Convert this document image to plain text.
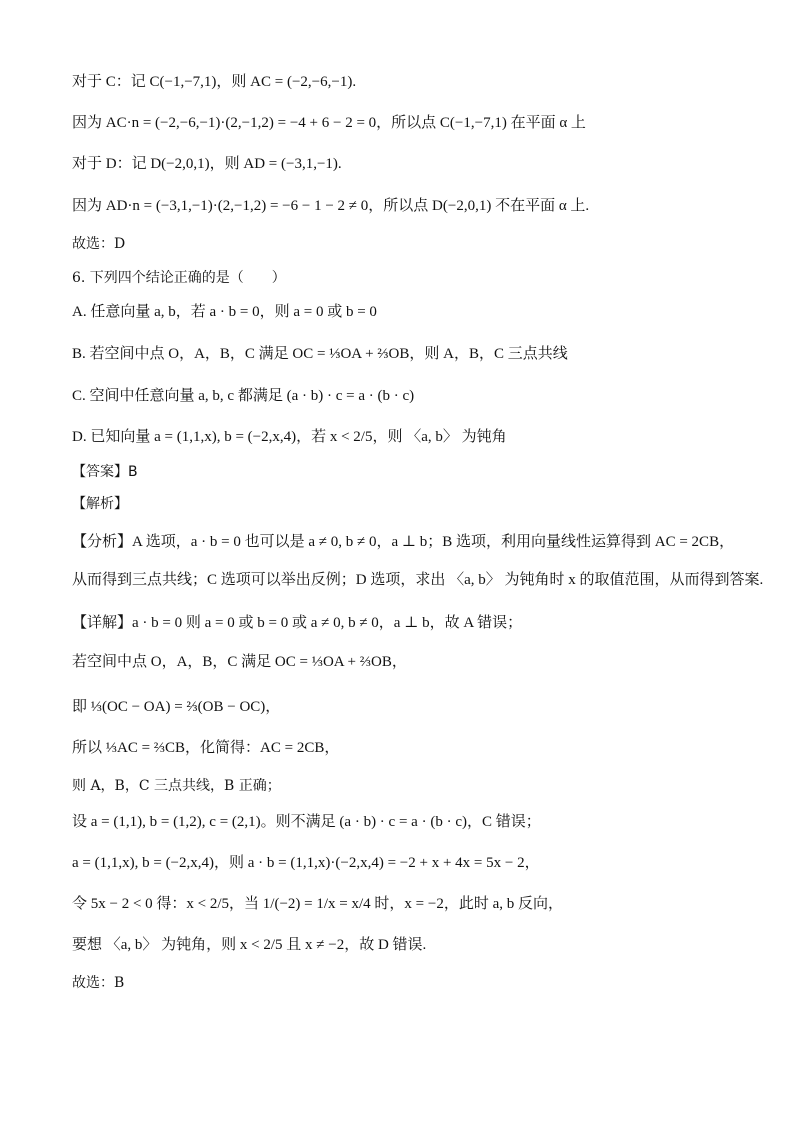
对于 C：记 C(−1,−7,1)，则 AC = (−2,−6,−1).
因为 AC·n = (−2,−6,−1)·(2,−1,2) = −4 + 6 − 2 = 0，所以点 C(−1,−7,1) 在平面 α 上
对于 D：记 D(−2,0,1)，则 AD = (−3,1,−1).
因为 AD·n = (−3,1,−1)·(2,−1,2) = −6 − 1 − 2 ≠ 0，所以点 D(−2,0,1) 不在平面 α 上.
故选：D
6. 下列四个结论正确的是（　　）
A. 任意向量 a, b，若 a · b = 0，则 a = 0 或 b = 0
B. 若空间中点 O，A，B，C 满足 OC = ⅓OA + ⅔OB，则 A，B，C 三点共线
C. 空间中任意向量 a, b, c 都满足 (a · b) · c = a · (b · c)
D. 已知向量 a = (1,1,x), b = (−2,x,4)，若 x < 2/5，则 〈a, b〉 为钝角
【答案】B
【解析】
【分析】A 选项，a · b = 0 也可以是 a ≠ 0, b ≠ 0，a ⊥ b；B 选项，利用向量线性运算得到 AC = 2CB，
从而得到三点共线；C 选项可以举出反例；D 选项，求出 〈a, b〉 为钝角时 x 的取值范围，从而得到答案.
【详解】a · b = 0 则 a = 0 或 b = 0 或 a ≠ 0, b ≠ 0，a ⊥ b，故 A 错误；
若空间中点 O，A，B，C 满足 OC = ⅓OA + ⅔OB，
即 ⅓(OC − OA) = ⅔(OB − OC)，
所以 ⅓AC = ⅔CB，化简得：AC = 2CB，
则 A，B，C 三点共线，B 正确；
设 a = (1,1), b = (1,2), c = (2,1)。则不满足 (a · b) · c = a · (b · c)，C 错误；
a = (1,1,x), b = (−2,x,4)，则 a · b = (1,1,x)·(−2,x,4) = −2 + x + 4x = 5x − 2，
令 5x − 2 < 0 得：x < 2/5，当 1/(−2) = 1/x = x/4 时，x = −2，此时 a, b 反向，
要想 〈a, b〉 为钝角，则 x < 2/5 且 x ≠ −2，故 D 错误.
故选：B
